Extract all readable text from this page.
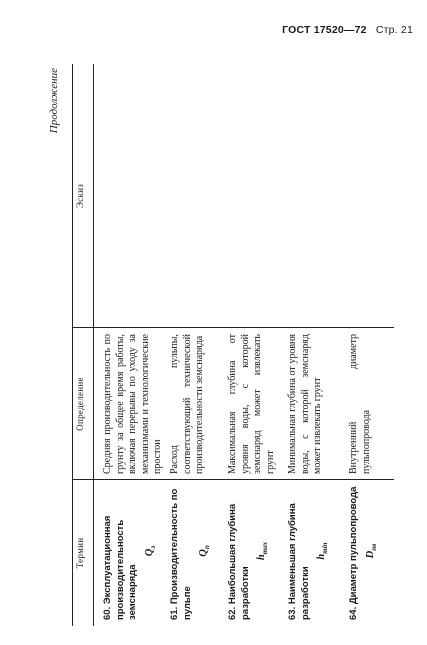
ГОСТ 17520—72 Стр. 21
Продолжение
Термин
Определение
Эскиз
60. Эксплуатационная производительность земснаряда
$Q_э$
Средняя производительность по грунту за общее время работы, включая перерывы по уходу за механизмами и технологические простои
61. Производительность по пульпе
$Q_п$
Расход пульпы, соответствующий технической производительности земснаряда
62. Наибольшая глубина разработки
$h_{max}$
Максимальная глубина от уровня воды, с которой земснаряд может извлекать грунт
63. Наименьшая глубина разработки
$h_{min}$
Минимальная глубина от уровня воды, с которой земснаряд может извлекать грунт
64. Диаметр пульпопровода $D_{пв}$
Внутренний диаметр пульпопровода
